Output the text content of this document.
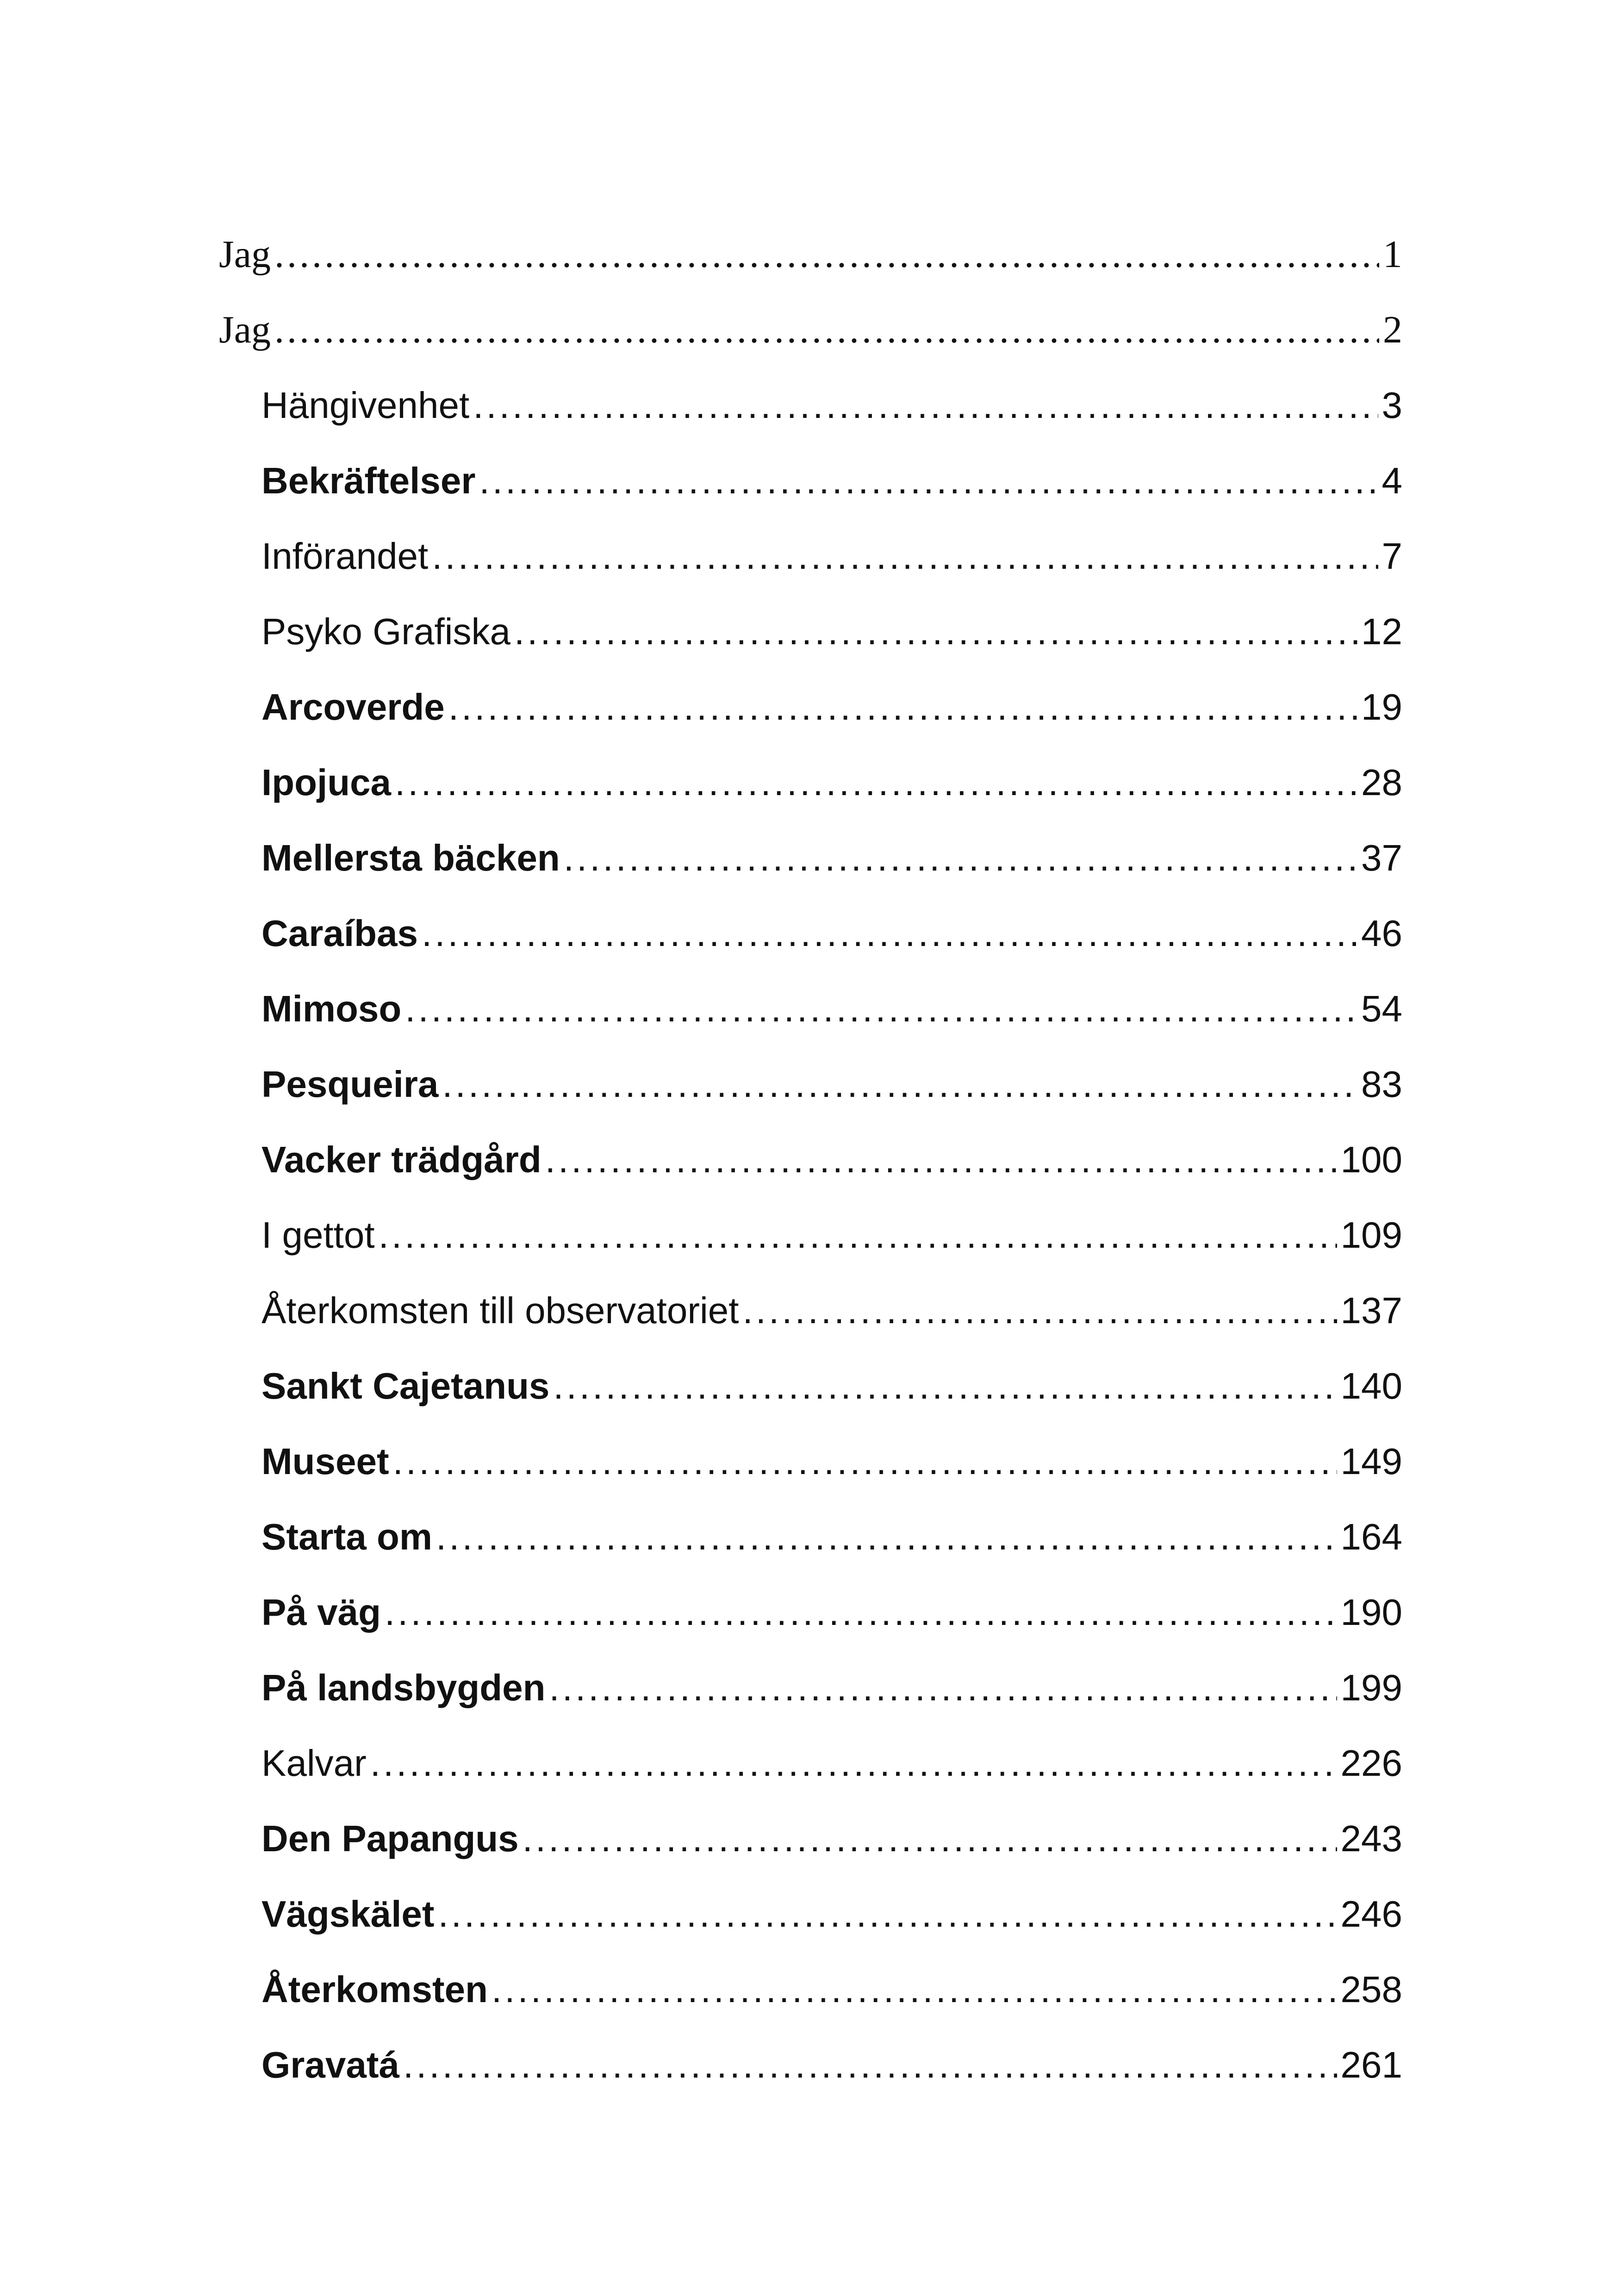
Jag .....	1
Jag .....	2
Hängivenhet .....	3
Bekräftelser .....	4
Införandet .....	7
Psyko Grafiska .....	12
Arcoverde .....	19
Ipojuca .....	28
Mellersta bäcken .....	37
Caraíbas .....	46
Mimoso .....	54
Pesqueira .....	83
Vacker trädgård .....	100
I gettot .....	109
Återkomsten till observatoriet .....	137
Sankt Cajetanus .....	140
Museet .....	149
Starta om .....	164
På väg .....	190
På landsbygden .....	199
Kalvar .....	226
Den Papangus .....	243
Vägskälet .....	246
Återkomsten .....	258
Gravatá .....	261
